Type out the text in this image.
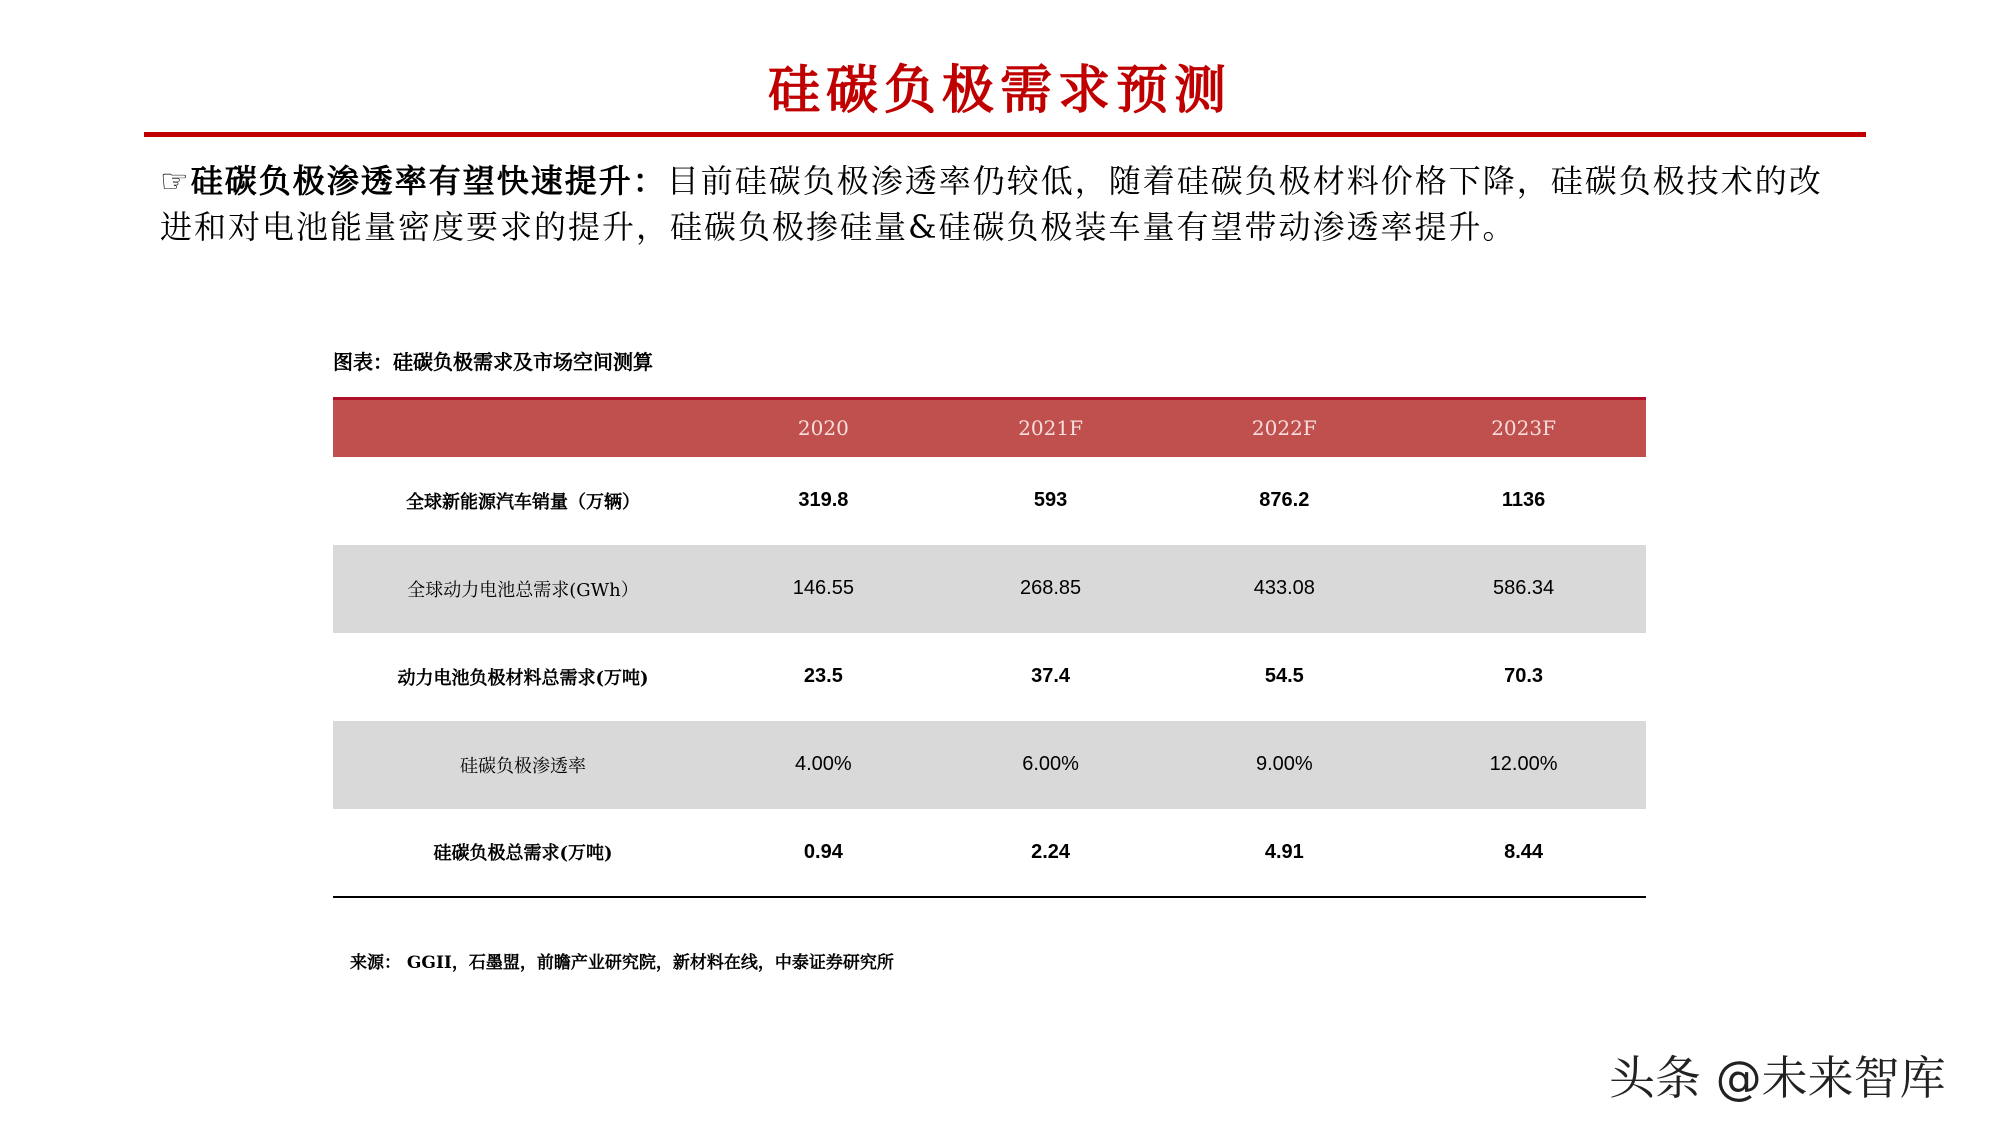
硅碳负极需求预测
☞硅碳负极渗透率有望快速提升：目前硅碳负极渗透率仍较低，随着硅碳负极材料价格下降，硅碳负极技术的改进和对电池能量密度要求的提升，硅碳负极掺硅量&硅碳负极装车量有望带动渗透率提升。
图表：硅碳负极需求及市场空间测算
	2020	2021F	2022F	2023F
全球新能源汽车销量（万辆）	319.8	593	876.2	1136
全球动力电池总需求(GWh）	146.55	268.85	433.08	586.34
动力电池负极材料总需求(万吨)	23.5	37.4	54.5	70.3
硅碳负极渗透率	4.00%	6.00%	9.00%	12.00%
硅碳负极总需求(万吨)	0.94	2.24	4.91	8.44
来源： GGII，石墨盟，前瞻产业研究院，新材料在线，中泰证券研究所
头条 @未来智库
